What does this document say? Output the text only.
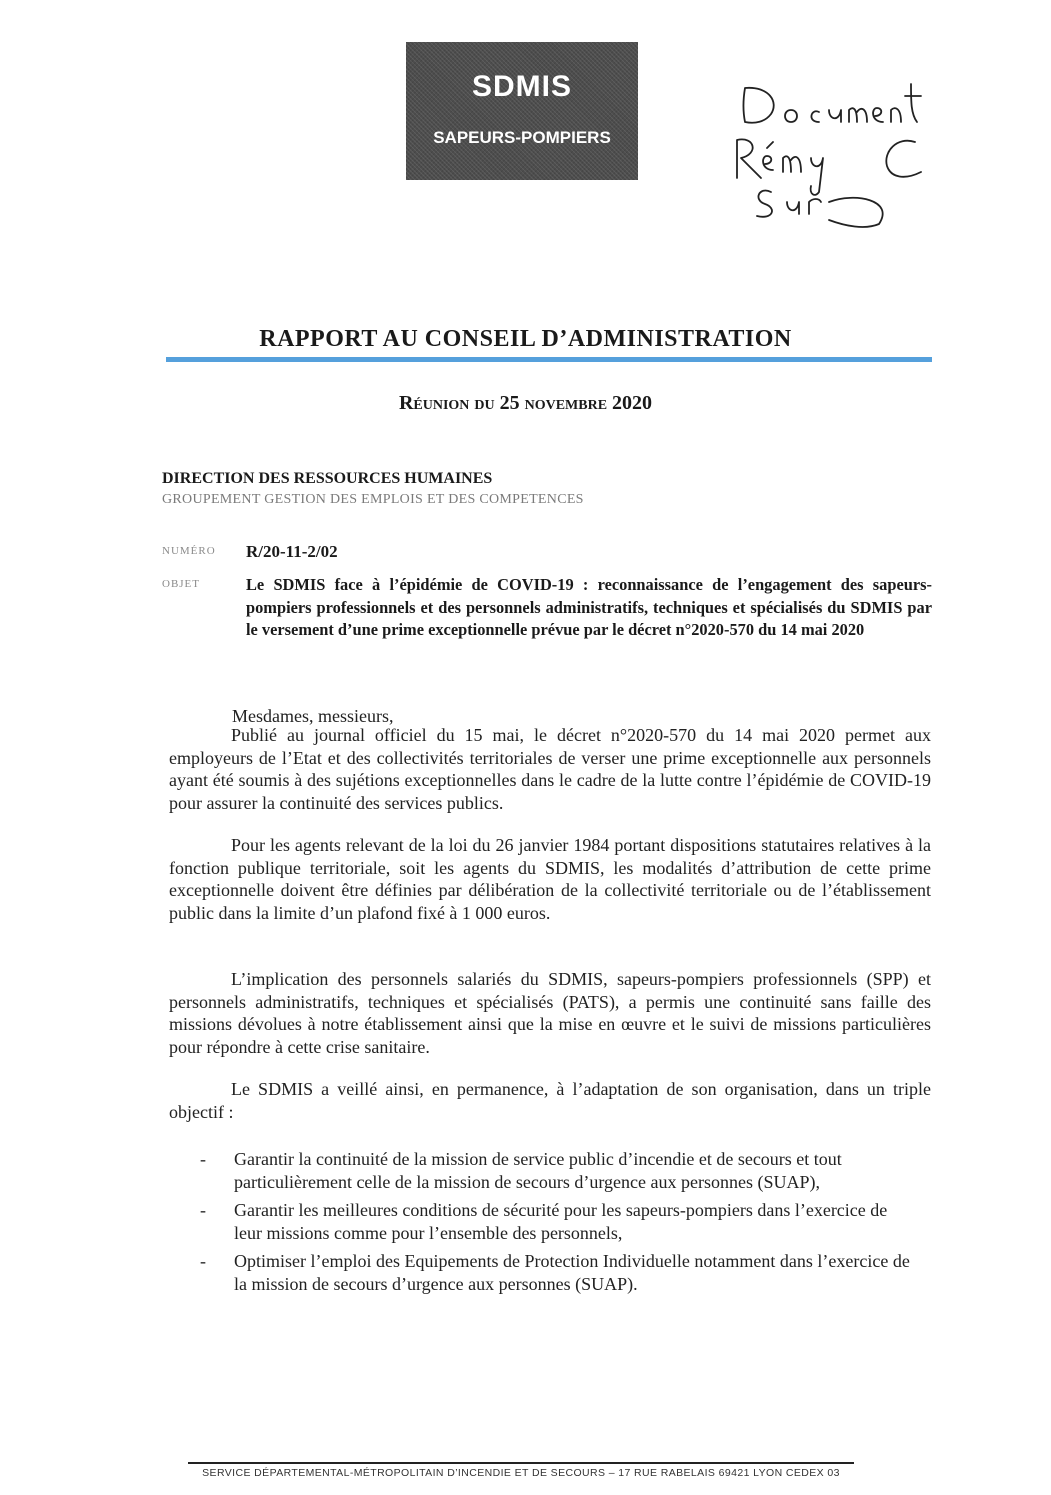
SDMIS
SAPEURS-POMPIERS
RAPPORT AU CONSEIL D’ADMINISTRATION
Réunion du 25 novembre 2020
DIRECTION DES RESSOURCES HUMAINES
GROUPEMENT GESTION DES EMPLOIS ET DES COMPETENCES
NUMÉRO R/20-11-2/02
OBJET	Le SDMIS face à l’épidémie de COVID-19 : reconnaissance de l’engagement des sapeurs-pompiers professionnels et des personnels administratifs, techniques et spécialisés du SDMIS par le versement d’une prime exceptionnelle prévue par le décret n°2020-570 du 14 mai 2020
Mesdames, messieurs,

Publié au journal officiel du 15 mai, le décret n°2020-570 du 14 mai 2020 permet aux employeurs de l’Etat et des collectivités territoriales de verser une prime exceptionnelle aux personnels ayant été soumis à des sujétions exceptionnelles dans le cadre de la lutte contre l’épidémie de COVID-19 pour assurer la continuité des services publics.

Pour les agents relevant de la loi du 26 janvier 1984 portant dispositions statutaires relatives à la fonction publique territoriale, soit les agents du SDMIS, les modalités d’attribution de cette prime exceptionnelle doivent être définies par délibération de la collectivité territoriale ou de l’établissement public dans la limite d’un plafond fixé à 1 000 euros.

L’implication des personnels salariés du SDMIS, sapeurs-pompiers professionnels (SPP) et personnels administratifs, techniques et spécialisés (PATS), a permis une continuité sans faille des missions dévolues à notre établissement ainsi que la mise en œuvre et le suivi de missions particulières pour répondre à cette crise sanitaire.

Le SDMIS a veillé ainsi, en permanence, à l’adaptation de son organisation, dans un triple objectif :

- Garantir la continuité de la mission de service public d’incendie et de secours et tout particulièrement celle de la mission de secours d’urgence aux personnes (SUAP),
- Garantir les meilleures conditions de sécurité pour les sapeurs-pompiers dans l’exercice de leur missions comme pour l’ensemble des personnels,
- Optimiser l’emploi des Equipements de Protection Individuelle notamment dans l’exercice de la mission de secours d’urgence aux personnes (SUAP).
SERVICE DÉPARTEMENTAL-MÉTROPOLITAIN D’INCENDIE ET DE SECOURS – 17 RUE RABELAIS 69421 LYON CEDEX 03
